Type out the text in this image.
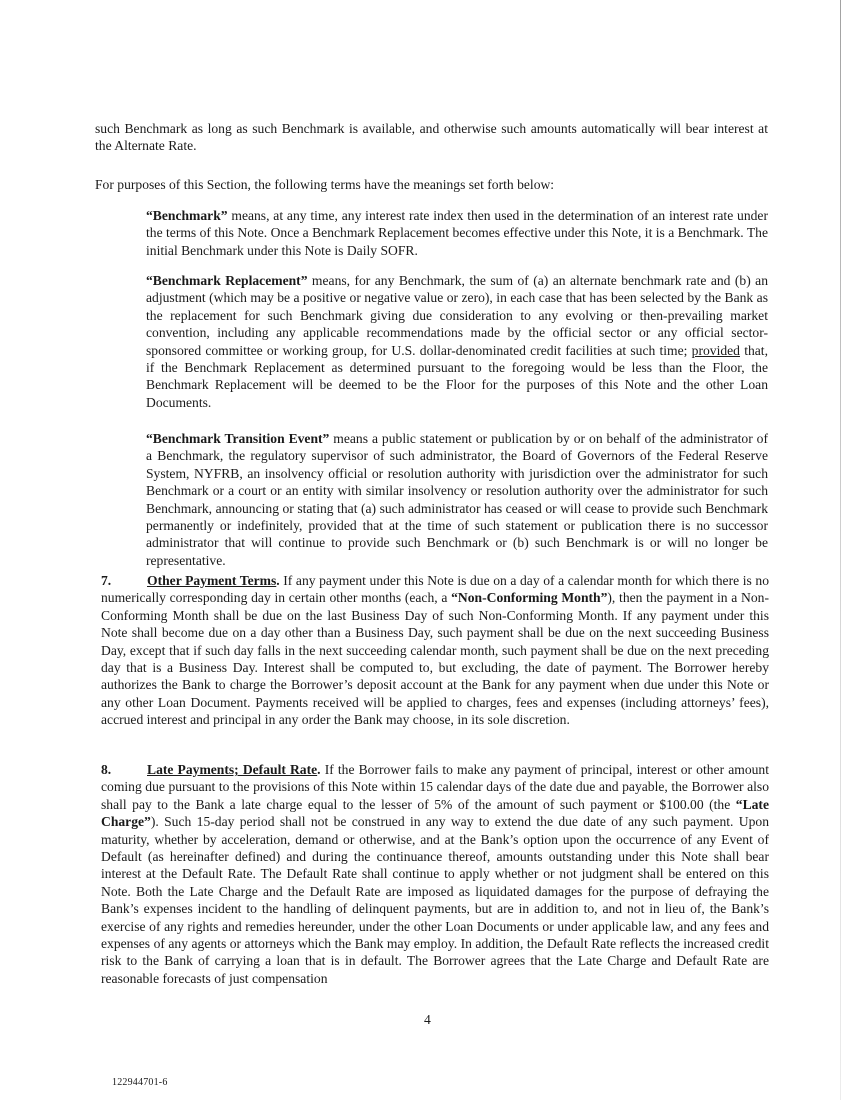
such Benchmark as long as such Benchmark is available, and otherwise such amounts automatically will bear interest at the Alternate Rate.

For purposes of this Section, the following terms have the meanings set forth below:

“Benchmark” means, at any time, any interest rate index then used in the determination of an interest rate under the terms of this Note. Once a Benchmark Replacement becomes effective under this Note, it is a Benchmark. The initial Benchmark under this Note is Daily SOFR.

“Benchmark Replacement” means, for any Benchmark, the sum of (a) an alternate benchmark rate and (b) an adjustment (which may be a positive or negative value or zero), in each case that has been selected by the Bank as the replacement for such Benchmark giving due consideration to any evolving or then-prevailing market convention, including any applicable recommendations made by the official sector or any official sector-sponsored committee or working group, for U.S. dollar-denominated credit facilities at such time; provided that, if the Benchmark Replacement as determined pursuant to the foregoing would be less than the Floor, the Benchmark Replacement will be deemed to be the Floor for the purposes of this Note and the other Loan Documents.

“Benchmark Transition Event” means a public statement or publication by or on behalf of the administrator of a Benchmark, the regulatory supervisor of such administrator, the Board of Governors of the Federal Reserve System, NYFRB, an insolvency official or resolution authority with jurisdiction over the administrator for such Benchmark or a court or an entity with similar insolvency or resolution authority over the administrator for such Benchmark, announcing or stating that (a) such administrator has ceased or will cease to provide such Benchmark permanently or indefinitely, provided that at the time of such statement or publication there is no successor administrator that will continue to provide such Benchmark or (b) such Benchmark is or will no longer be representative.

7.	Other Payment Terms. If any payment under this Note is due on a day of a calendar month for which there is no numerically corresponding day in certain other months (each, a “Non-Conforming Month”), then the payment in a Non-Conforming Month shall be due on the last Business Day of such Non-Conforming Month. If any payment under this Note shall become due on a day other than a Business Day, such payment shall be due on the next succeeding Business Day, except that if such day falls in the next succeeding calendar month, such payment shall be due on the next preceding day that is a Business Day. Interest shall be computed to, but excluding, the date of payment. The Borrower hereby authorizes the Bank to charge the Borrower’s deposit account at the Bank for any payment when due under this Note or any other Loan Document. Payments received will be applied to charges, fees and expenses (including attorneys’ fees), accrued interest and principal in any order the Bank may choose, in its sole discretion.

8.	Late Payments; Default Rate. If the Borrower fails to make any payment of principal, interest or other amount coming due pursuant to the provisions of this Note within 15 calendar days of the date due and payable, the Borrower also shall pay to the Bank a late charge equal to the lesser of 5% of the amount of such payment or $100.00 (the “Late Charge”). Such 15-day period shall not be construed in any way to extend the due date of any such payment. Upon maturity, whether by acceleration, demand or otherwise, and at the Bank’s option upon the occurrence of any Event of Default (as hereinafter defined) and during the continuance thereof, amounts outstanding under this Note shall bear interest at the Default Rate. The Default Rate shall continue to apply whether or not judgment shall be entered on this Note. Both the Late Charge and the Default Rate are imposed as liquidated damages for the purpose of defraying the Bank’s expenses incident to the handling of delinquent payments, but are in addition to, and not in lieu of, the Bank’s exercise of any rights and remedies hereunder, under the other Loan Documents or under applicable law, and any fees and expenses of any agents or attorneys which the Bank may employ. In addition, the Default Rate reflects the increased credit risk to the Bank of carrying a loan that is in default. The Borrower agrees that the Late Charge and Default Rate are reasonable forecasts of just compensation

4
122944701-6
